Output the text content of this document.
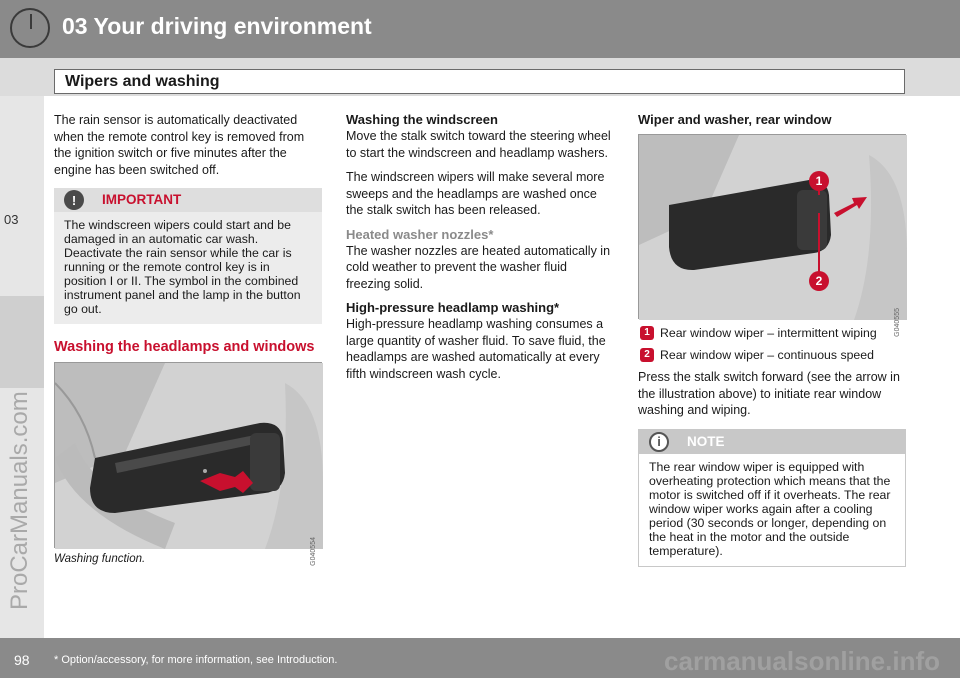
03 Your driving environment
Wipers and washing
03
ProCarManuals.com

The rain sensor is automatically deactivated when the remote control key is removed from the ignition switch or five minutes after the engine has been switched off.

!	IMPORTANT

The windscreen wipers could start and be damaged in an automatic car wash. Deactivate the rain sensor while the car is running or the remote control key is in position I or II. The symbol in the combined instrument panel and the lamp in the button go out.

Washing the headlamps and windows
G040554
Washing function.
Washing the windscreen

Move the stalk switch toward the steering wheel to start the windscreen and headlamp washers.

The windscreen wipers will make several more sweeps and the headlamps are washed once the stalk switch has been released.

Heated washer nozzles*

The washer nozzles are heated automatically in cold weather to prevent the washer fluid freezing solid.

High-pressure headlamp washing*

High-pressure headlamp washing consumes a large quantity of washer fluid. To save fluid, the headlamps are washed automatically at every fifth windscreen wash cycle.

Wiper and washer, rear window
1
2
G040555
1 Rear window wiper – intermittent wiping
2 Rear window wiper – continuous speed

Press the stalk switch forward (see the arrow in the illustration above) to initiate rear window washing and wiping.

i	NOTE

The rear window wiper is equipped with overheating protection which means that the motor is switched off if it overheats. The rear window wiper works again after a cooling period (30 seconds or longer, depending on the heat in the motor and the outside temperature).

98 * Option/accessory, for more information, see Introduction.	carmanualsonline.info
